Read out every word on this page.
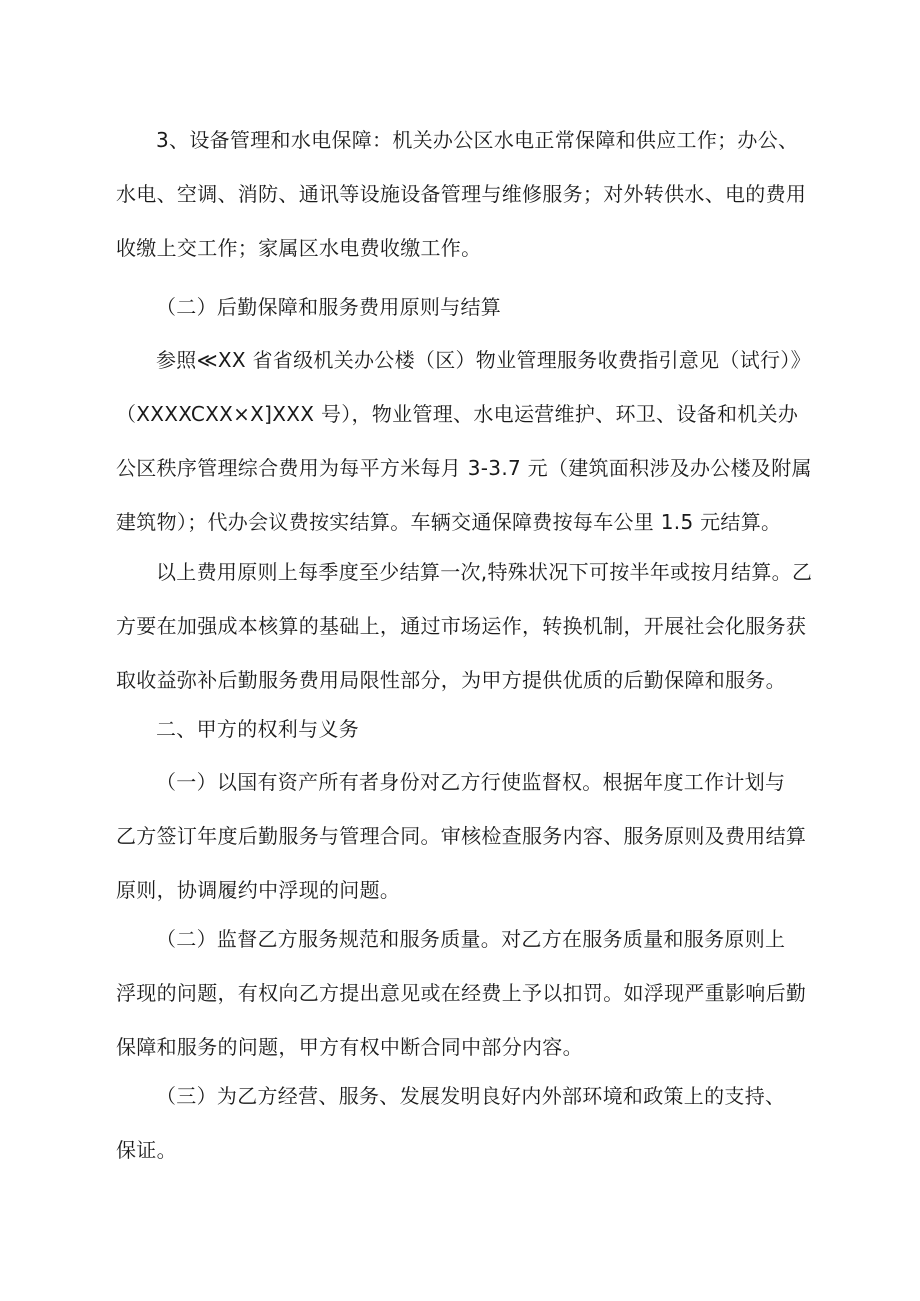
3、设备管理和水电保障：机关办公区水电正常保障和供应工作；办公、
水电、空调、消防、通讯等设施设备管理与维修服务；对外转供水、电的费用
收缴上交工作；家属区水电费收缴工作。

（二）后勤保障和服务费用原则与结算

参照≪XX 省省级机关办公楼（区）物业管理服务收费指引意见（试行）》
（XXXXCXX×X]XXX 号），物业管理、水电运营维护、环卫、设备和机关办
公区秩序管理综合费用为每平方米每月 3-3.7 元（建筑面积涉及办公楼及附属
建筑物）；代办会议费按实结算。车辆交通保障费按每车公里 1.5 元结算。

以上费用原则上每季度至少结算一次,特殊状况下可按半年或按月结算。乙
方要在加强成本核算的基础上，通过市场运作，转换机制，开展社会化服务获
取收益弥补后勤服务费用局限性部分，为甲方提供优质的后勤保障和服务。

二、甲方的权利与义务

（一）以国有资产所有者身份对乙方行使监督权。根据年度工作计划与
乙方签订年度后勤服务与管理合同。审核检查服务内容、服务原则及费用结算
原则，协调履约中浮现的问题。

（二）监督乙方服务规范和服务质量。对乙方在服务质量和服务原则上
浮现的问题，有权向乙方提出意见或在经费上予以扣罚。如浮现严重影响后勤
保障和服务的问题，甲方有权中断合同中部分内容。

（三）为乙方经营、服务、发展发明良好内外部环境和政策上的支持、
保证。
